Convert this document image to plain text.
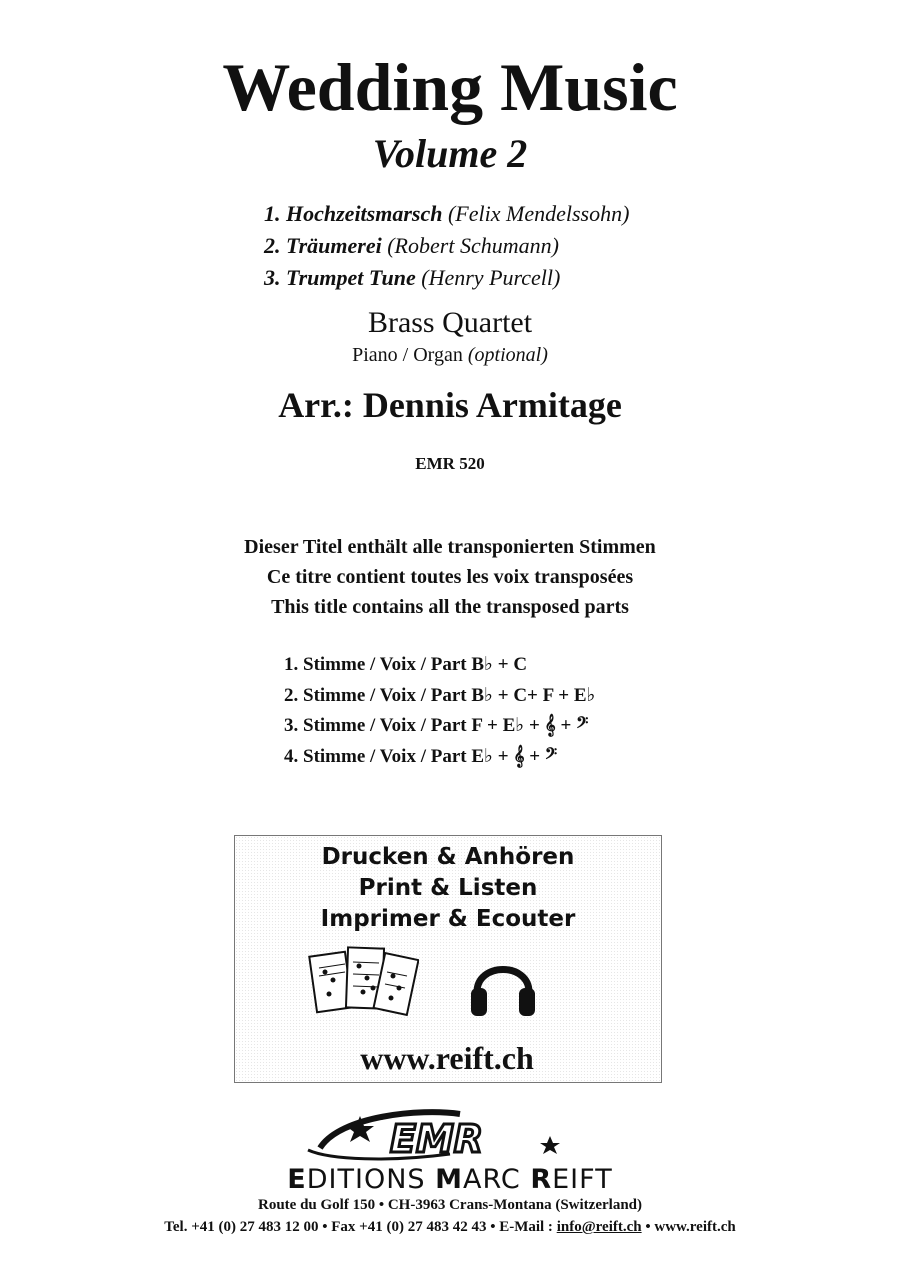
Wedding Music
Volume 2
1. Hochzeitsmarsch (Felix Mendelssohn)
2. Träumerei (Robert Schumann)
3. Trumpet Tune (Henry Purcell)
Brass Quartet
Piano / Organ (optional)
Arr.: Dennis Armitage
EMR 520
Dieser Titel enthält alle transponierten Stimmen
Ce titre contient toutes les voix transposées
This title contains all the transposed parts
1. Stimme / Voix / Part B♭ + C
2. Stimme / Voix / Part B♭ + C+ F + E♭
3. Stimme / Voix / Part F + E♭ + 𝄞 + 𝄢
4. Stimme / Voix / Part E♭ + 𝄞 + 𝄢
Drucken & Anhören
Print & Listen
Imprimer & Ecouter
www.reift.ch
EMR
EDITIONS MARC REIFT
Route du Golf 150 • CH-3963 Crans-Montana (Switzerland)
Tel. +41 (0) 27 483 12 00 • Fax +41 (0) 27 483 42 43 • E-Mail : info@reift.ch • www.reift.ch
